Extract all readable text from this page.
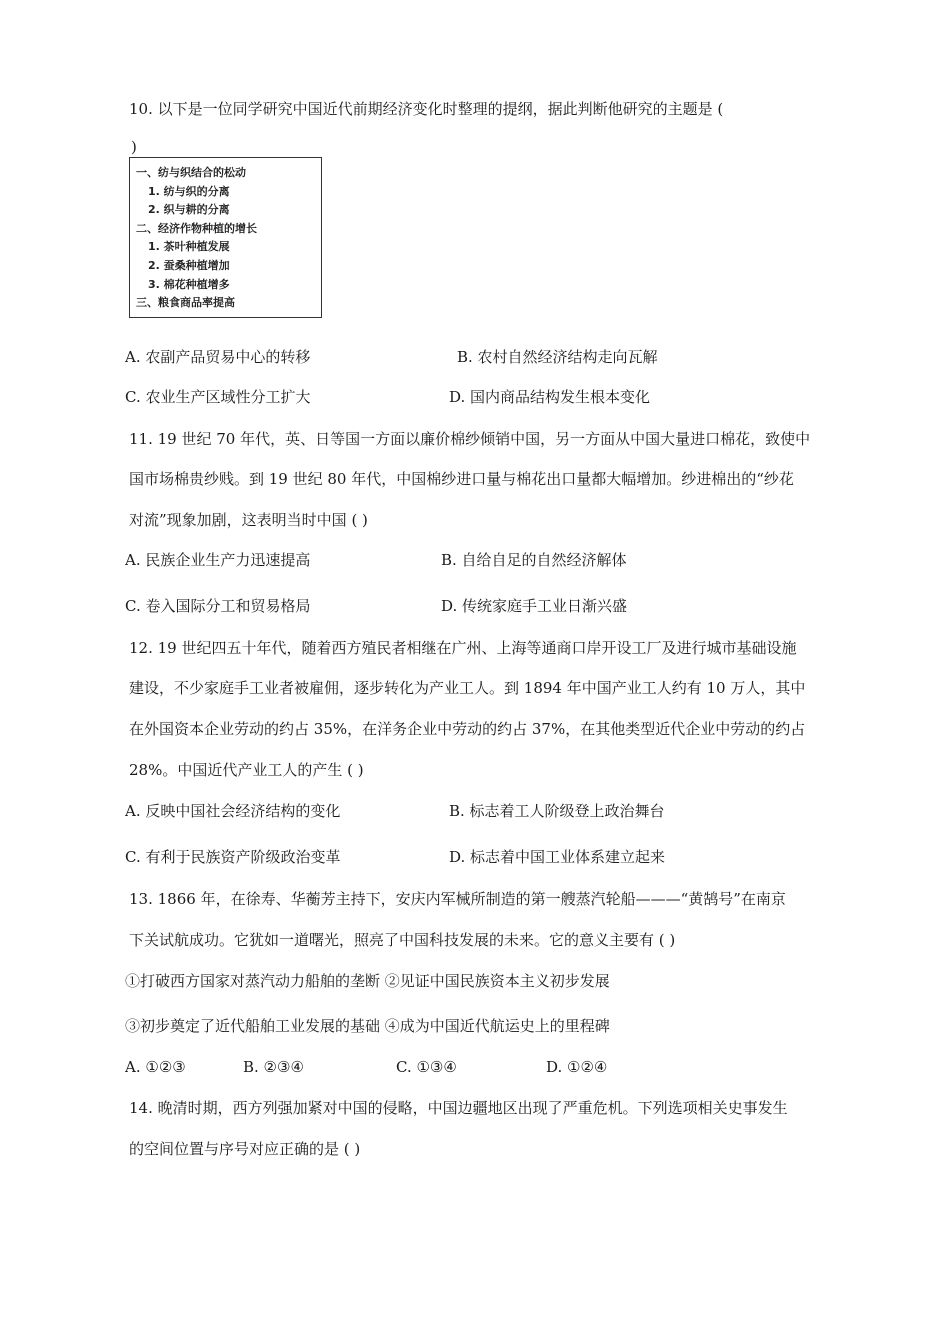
10. 以下是一位同学研究中国近代前期经济变化时整理的提纲，据此判断他研究的主题是 (
)
一、纺与织结合的松动
1. 纺与织的分离
2. 织与耕的分离
二、经济作物种植的增长
1. 茶叶种植发展
2. 蚕桑种植增加
3. 棉花种植增多
三、粮食商品率提高
A. 农副产品贸易中心的转移	B. 农村自然经济结构走向瓦解
C. 农业生产区域性分工扩大	D. 国内商品结构发生根本变化
11. 19 世纪 70 年代，英、日等国一方面以廉价棉纱倾销中国，另一方面从中国大量进口棉花，致使中
国市场棉贵纱贱。到 19 世纪 80 年代，中国棉纱进口量与棉花出口量都大幅增加。纱进棉出的“纱花
对流”现象加剧，这表明当时中国 ( )
A. 民族企业生产力迅速提高	B. 自给自足的自然经济解体
C. 卷入国际分工和贸易格局	D. 传统家庭手工业日渐兴盛
12. 19 世纪四五十年代，随着西方殖民者相继在广州、上海等通商口岸开设工厂及进行城市基础设施
建设，不少家庭手工业者被雇佣，逐步转化为产业工人。到 1894 年中国产业工人约有 10 万人，其中
在外国资本企业劳动的约占 35%，在洋务企业中劳动的约占 37%，在其他类型近代企业中劳动的约占
28%。中国近代产业工人的产生 ( )
A. 反映中国社会经济结构的变化	B. 标志着工人阶级登上政治舞台
C. 有利于民族资产阶级政治变革	D. 标志着中国工业体系建立起来
13. 1866 年，在徐寿、华蘅芳主持下，安庆内军械所制造的第一艘蒸汽轮船———“黄鹄号”在南京
下关试航成功。它犹如一道曙光，照亮了中国科技发展的未来。它的意义主要有 ( )
①打破西方国家对蒸汽动力船舶的垄断 ②见证中国民族资本主义初步发展
③初步奠定了近代船舶工业发展的基础 ④成为中国近代航运史上的里程碑
A. ①②③	B. ②③④	C. ①③④	D. ①②④
14. 晚清时期，西方列强加紧对中国的侵略，中国边疆地区出现了严重危机。下列选项相关史事发生
的空间位置与序号对应正确的是 ( )
